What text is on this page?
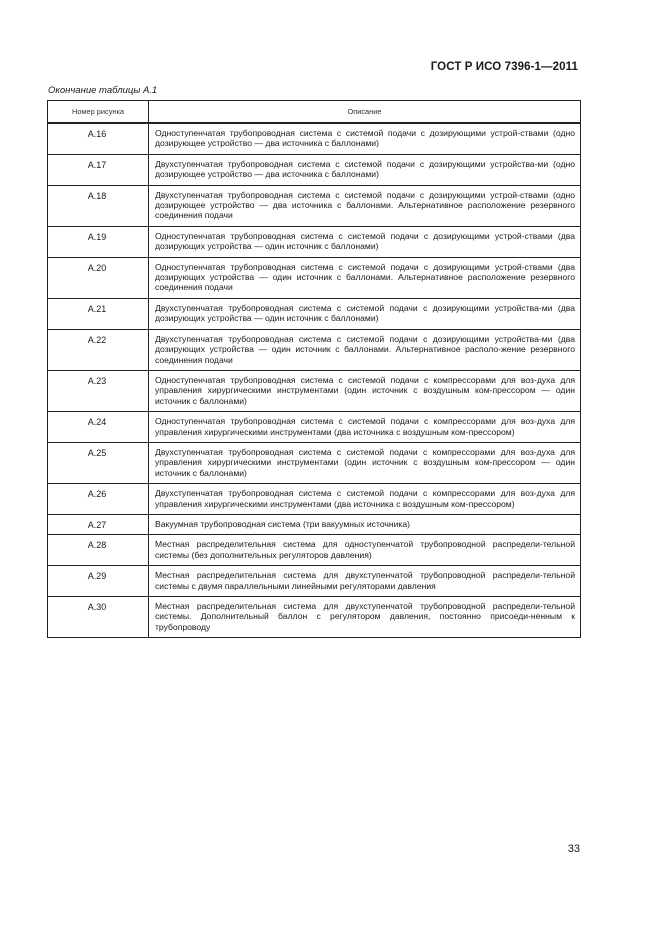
ГОСТ Р ИСО 7396-1—2011
Окончание таблицы А.1
Номер рисунка	Описание
A.16	Одноступенчатая трубопроводная система с системой подачи с дозирующими устрой-ствами (одно дозирующее устройство — два источника с баллонами)
A.17	Двухступенчатая трубопроводная система с системой подачи с дозирующими устройства-ми (одно дозирующее устройство — два источника с баллонами)
A.18	Двухступенчатая трубопроводная система с системой подачи с дозирующими устрой-ствами (одно дозирующее устройство — два источника с баллонами. Альтернативное расположение резервного соединения подачи
A.19	Одноступенчатая трубопроводная система с системой подачи с дозирующими устрой-ствами (два дозирующих устройства — один источник с баллонами)
A.20	Одноступенчатая трубопроводная система с системой подачи с дозирующими устрой-ствами (два дозирующих устройства — один источник с баллонами. Альтернативное расположение резервного соединения подачи
A.21	Двухступенчатая трубопроводная система с системой подачи с дозирующими устройства-ми (два дозирующих устройства — один источник с баллонами)
A.22	Двухступенчатая трубопроводная система с системой подачи с дозирующими устройства-ми (два дозирующих устройства — один источник с баллонами. Альтернативное располо-жение резервного соединения подачи
A.23	Одноступенчатая трубопроводная система с системой подачи с компрессорами для воз-духа для управления хирургическими инструментами (один источник с воздушным ком-прессором — один источник с баллонами)
A.24	Одноступенчатая трубопроводная система с системой подачи с компрессорами для воз-духа для управления хирургическими инструментами (два источника с воздушным ком-прессором)
A.25	Двухступенчатая трубопроводная система с системой подачи с компрессорами для воз-духа для управления хирургическими инструментами (один источник с воздушным ком-прессором — один источник с баллонами)
A.26	Двухступенчатая трубопроводная система с системой подачи с компрессорами для воз-духа для управления хирургическими инструментами (два источника с воздушным ком-прессором)
A.27	Вакуумная трубопроводная система (три вакуумных источника)
A.28	Местная распределительная система для одноступенчатой трубопроводной распредели-тельной системы (без дополнительных регуляторов давления)
A.29	Местная распределительная система для двухступенчатой трубопроводной распредели-тельной системы с двумя параллельными линейными регуляторами давления
A.30	Местная распределительная система для двухступенчатой трубопроводной распредели-тельной системы. Дополнительный баллон с регулятором давления, постоянно присоеди-ненным к трубопроводу
33
